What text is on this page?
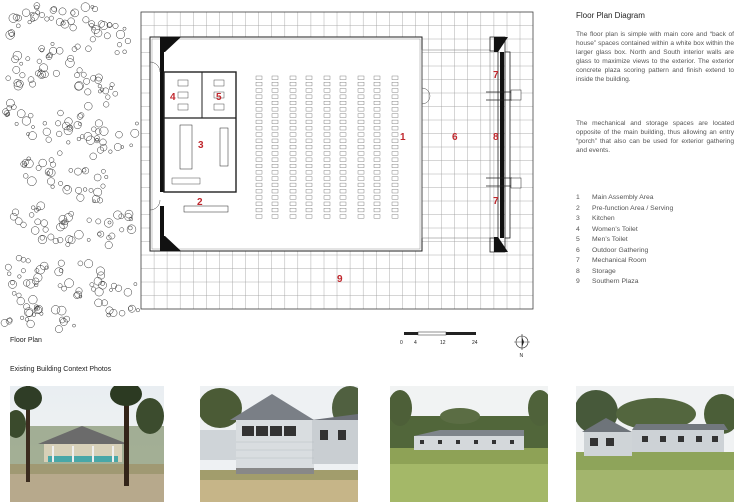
1
2
3
4	5
6
7
7
8
9
0 4	12	24
N
Floor Plan
Floor Plan Diagram
The floor plan is simple with main core and “back of house” spaces contained within a white box within the larger glass box. North and South interior walls are glass to maximize views to the exterior. The exterior concrete plaza scoring pattern and finish extend to inside the building.
The mechanical and storage spaces are located opposite of the main building, thus allowing an entry “porch” that also can be used for exterior gathering and events.
1 Main Assembly Area
2 Pre-function Area / Serving
3 Kitchen
4 Women’s Toilet
5 Men’s Toilet
6 Outdoor Gathering
7 Mechanical Room
8 Storage
9 Southern Plaza
Existing Building Context Photos
